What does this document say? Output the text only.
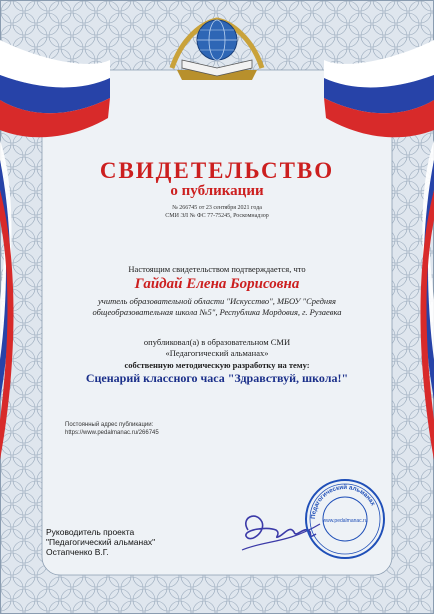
СВИДЕТЕЛЬСТВО
о публикации
№ 266745 от 23 сентября 2021 года
СМИ ЭЛ № ФС 77-75245, Роскомнадзор
Настоящим свидетельством подтверждается, что
Гайдай Елена Борисовна
учитель образовательной области "Искусство", МБОУ "Средняя
общеобразовательная школа №5", Республика Мордовия, г. Рузаевка
опубликовал(а) в образовательном СМИ
«Педагогический альманах»
собственную методическую разработку на тему:
Сценарий классного часа "Здравствуй, школа!"
Постоянный адрес публикации:
https://www.pedalmanac.ru/266745
Руководитель проекта
"Педагогический альманах"
Остапченко В.Г.
Педагогический альманах
www.pedalmanac.ru
